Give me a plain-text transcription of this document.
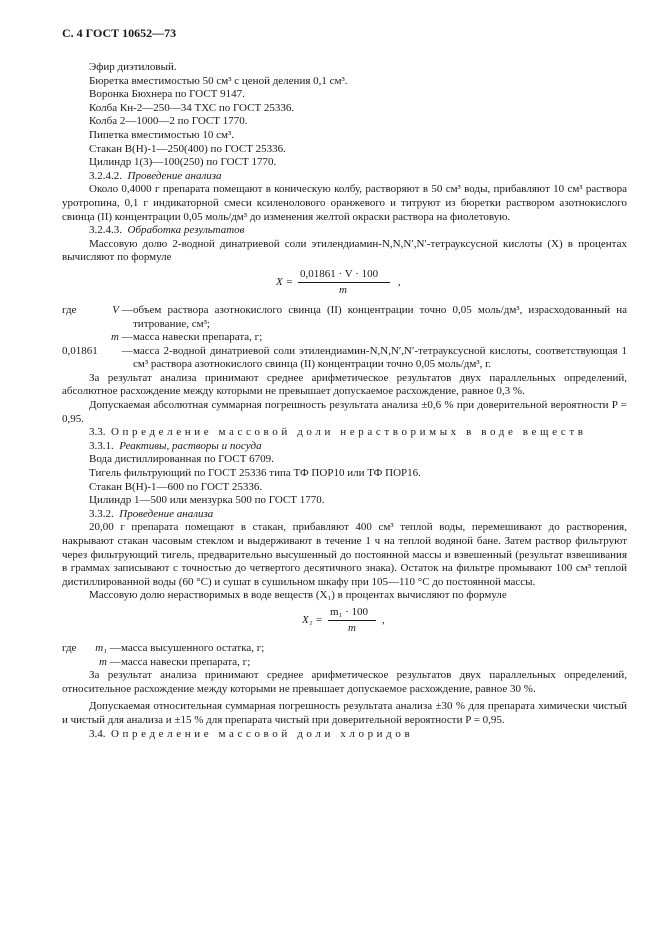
С. 4 ГОСТ 10652—73

Эфир диэтиловый.

Бюретка вместимостью 50 см³ с ценой деления 0,1 см³.

Воронка Бюхнера по ГОСТ 9147.

Колба Кн-2—250—34 ТХС по ГОСТ 25336.

Колба 2—1000—2 по ГОСТ 1770.

Пипетка вместимостью 10 см³.

Стакан В(Н)-1—250(400) по ГОСТ 25336.

Цилиндр 1(3)—100(250) по ГОСТ 1770.

3.2.4.2. Проведение анализа

Около 0,4000 г препарата помещают в коническую колбу, растворяют в 50 см³ воды, прибавляют 10 см³ раствора уротропина, 0,1 г индикаторной смеси ксиленолового оранжевого и титруют из бюретки раствором азотнокислого свинца (II) концентрации 0,05 моль/дм³ до изменения желтой окраски раствора на фиолетовую.

3.2.4.3. Обработка результатов

Массовую долю 2-водной динатриевой соли этилендиамин-N,N,N′,N′-тетрауксусной кислоты (X) в процентах вычисляют по формуле

X =
0,01861 · V · 100
m
,
где	V — объем раствора азотнокислого свинца (II) концентрации точно 0,05 моль/дм³, израсходованный на титрование, см³;
m — масса навески препарата, г;
0,01861 — масса 2-водной динатриевой соли этилендиамин-N,N,N′,N′-тетрауксусной кислоты, соответствующая 1 см³ раствора азотнокислого свинца (II) концентрации точно 0,05 моль/дм³, г.

За результат анализа принимают среднее арифметическое результатов двух параллельных определений, абсолютное расхождение между которыми не превышает допускаемое расхождение, равное 0,3 %.

Допускаемая абсолютная суммарная погрешность результата анализа ±0,6 % при доверительной вероятности P = 0,95.

3.3. Определение массовой доли нерастворимых в воде веществ

3.3.1. Реактивы, растворы и посуда

Вода дистиллированная по ГОСТ 6709.

Тигель фильтрующий по ГОСТ 25336 типа ТФ ПОР10 или ТФ ПОР16.

Стакан В(Н)-1—600 по ГОСТ 25336.

Цилиндр 1—500 или мензурка 500 по ГОСТ 1770.

3.3.2. Проведение анализа

20,00 г препарата помещают в стакан, прибавляют 400 см³ теплой воды, перемешивают до растворения, накрывают стакан часовым стеклом и выдерживают в течение 1 ч на теплой водяной бане. Затем раствор фильтруют через фильтрующий тигель, предварительно высушенный до постоянной массы и взвешенный (результат взвешивания в граммах записывают с точностью до четвертого десятичного знака). Остаток на фильтре промывают 100 см³ теплой дистиллированной воды (60 °С) и сушат в сушильном шкафу при 105—110 °С до постоянной массы.

Массовую долю нерастворимых в воде веществ (X₁) в процентах вычисляют по формуле

X₁ =
m₁ · 100
m
,
где m₁ — масса высушенного остатка, г;
m — масса навески препарата, г;

За результат анализа принимают среднее арифметическое результатов двух параллельных определений, относительное расхождение между которыми не превышает допускаемое расхождение, равное 30 %.

Допускаемая относительная суммарная погрешность результата анализа ±30 % для препарата химически чистый и чистый для анализа и ±15 % для препарата чистый при доверительной вероятности P = 0,95.

3.4. Определение массовой доли хлоридов
